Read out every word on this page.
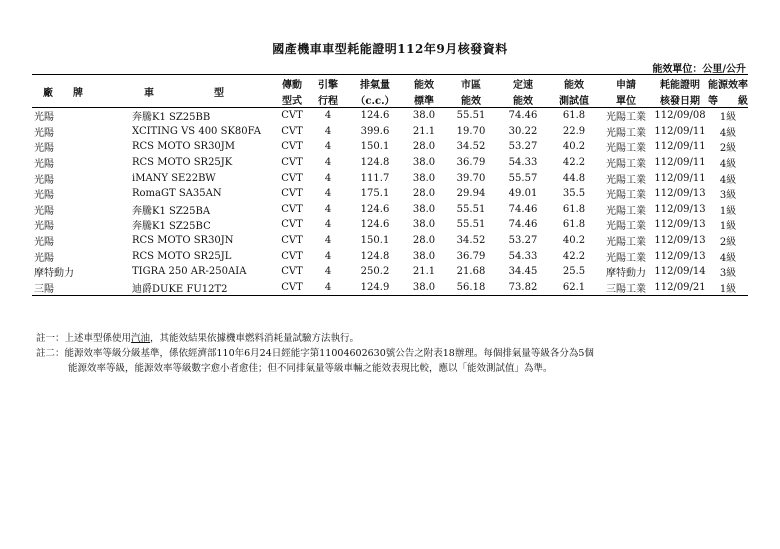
國產機車車型耗能證明112年9月核發資料
能效單位：公里/公升
廠　　牌	車　　　　　　型	傳動	引擎	排氣量	能效	市區	定速	能效	申請	耗能證明	能源效率
		型式	行程	（c.c.）	標準	能效	能效	測試值	單位	核發日期	等　　級
光陽	奔騰K1 SZ25BB	CVT	4	124.6	38.0	55.51	74.46	61.8	光陽工業	112/09/08	1級
光陽	XCITING VS 400 SK80FA	CVT	4	399.6	21.1	19.70	30.22	22.9	光陽工業	112/09/11	4級
光陽	RCS MOTO SR30JM	CVT	4	150.1	28.0	34.52	53.27	40.2	光陽工業	112/09/11	2級
光陽	RCS MOTO SR25JK	CVT	4	124.8	38.0	36.79	54.33	42.2	光陽工業	112/09/11	4級
光陽	iMANY SE22BW	CVT	4	111.7	38.0	39.70	55.57	44.8	光陽工業	112/09/11	4級
光陽	RomaGT SA35AN	CVT	4	175.1	28.0	29.94	49.01	35.5	光陽工業	112/09/13	3級
光陽	奔騰K1 SZ25BA	CVT	4	124.6	38.0	55.51	74.46	61.8	光陽工業	112/09/13	1級
光陽	奔騰K1 SZ25BC	CVT	4	124.6	38.0	55.51	74.46	61.8	光陽工業	112/09/13	1級
光陽	RCS MOTO SR30JN	CVT	4	150.1	28.0	34.52	53.27	40.2	光陽工業	112/09/13	2級
光陽	RCS MOTO SR25JL	CVT	4	124.8	38.0	36.79	54.33	42.2	光陽工業	112/09/13	4級
摩特動力	TIGRA 250 AR-250AIA	CVT	4	250.2	21.1	21.68	34.45	25.5	摩特動力	112/09/14	3級
三陽	迪爵DUKE FU12T2	CVT	4	124.9	38.0	56.18	73.82	62.1	三陽工業	112/09/21	1級

註一：上述車型係使用汽油，其能效結果依據機車燃料消耗量試驗方法執行。

註二：能源效率等級分級基準，係依經濟部110年6月24日經能字第11004602630號公告之附表18辦理。每個排氣量等級各分為5個

能源效率等級，能源效率等級數字愈小者愈佳；但不同排氣量等級車輛之能效表現比較，應以「能效測試值」為準。
